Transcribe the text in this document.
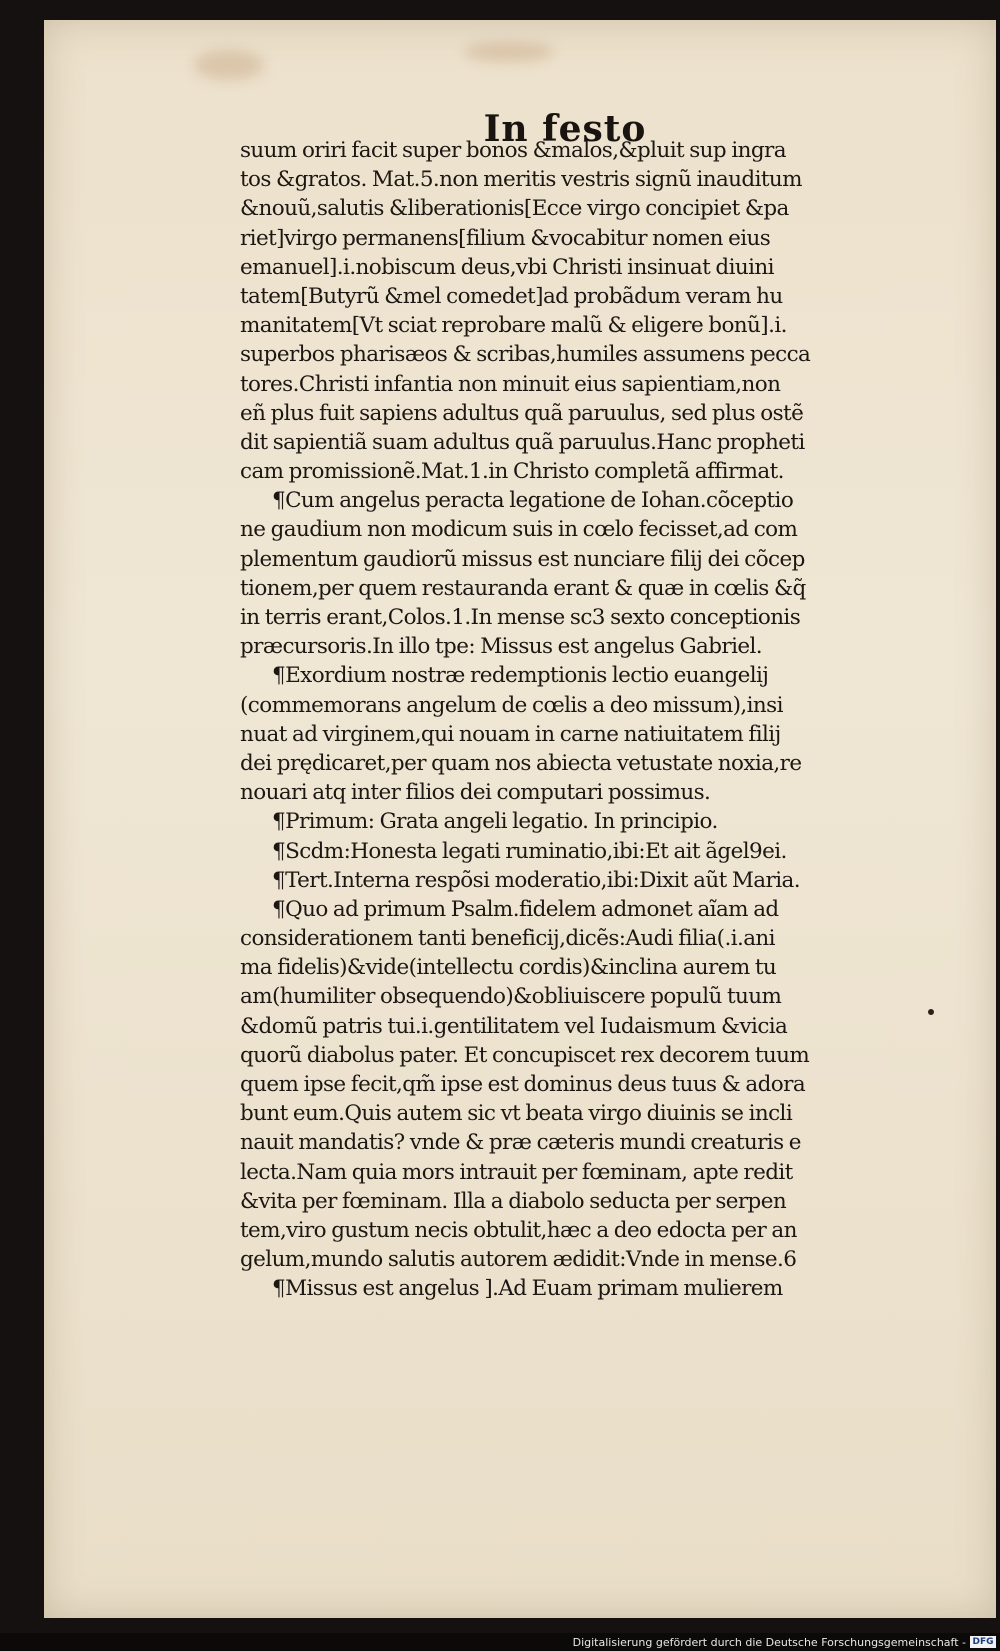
In festo
suum oriri facit super bonos &malos,&pluit sup ingra
tos &gratos. Mat.5.non meritis vestris signũ inauditum
&nouũ,salutis &liberationis[Ecce virgo concipiet &pa
riet]virgo permanens[filium &vocabitur nomen eius
emanuel].i.nobiscum deus,vbi Christi insinuat diuini
tatem[Butyrũ &mel comedet]ad probãdum veram hu
manitatem[Vt sciat reprobare malũ & eligere bonũ].i.
superbos pharisæos & scribas,humiles assumens pecca
tores.Christi infantia non minuit eius sapientiam,non
eñ plus fuit sapiens adultus quã paruulus, sed plus ostẽ
dit sapientiã suam adultus quã paruulus.Hanc propheti
cam promissionẽ.Mat.1.in Christo completã affirmat.
¶Cum angelus peracta legatione de Iohan.cõceptio
ne gaudium non modicum suis in cœlo fecisset,ad com
plementum gaudiorũ missus est nunciare filij dei cõcep
tionem,per quem restauranda erant & quæ in cœlis &q̃
in terris erant,Colos.1.In mense sc3 sexto conceptionis
præcursoris.In illo tpe: Missus est angelus Gabriel.
¶Exordium nostræ redemptionis lectio euangelij
(commemorans angelum de cœlis a deo missum),insi
nuat ad virginem,qui nouam in carne natiuitatem filij
dei prędicaret,per quam nos abiecta vetustate noxia,re
nouari atq inter filios dei computari possimus.
¶Primum: Grata angeli legatio. In principio.
¶Scdm:Honesta legati ruminatio,ibi:Et ait ãgel9ei.
¶Tert.Interna respõsi moderatio,ibi:Dixit aũt Maria.
¶Quo ad primum Psalm.fidelem admonet aĩam ad
considerationem tanti beneficij,dicẽs:Audi filia(.i.ani
ma fidelis)&vide(intellectu cordis)&inclina aurem tu
am(humiliter obsequendo)&obliuiscere populũ tuum
&domũ patris tui.i.gentilitatem vel Iudaismum &vicia
quorũ diabolus pater. Et concupiscet rex decorem tuum
quem ipse fecit,qm̃ ipse est dominus deus tuus & adora
bunt eum.Quis autem sic vt beata virgo diuinis se incli
nauit mandatis? vnde & præ cæteris mundi creaturis e
lecta.Nam quia mors intrauit per fœminam, apte redit
&vita per fœminam. Illa a diabolo seducta per serpen
tem,viro gustum necis obtulit,hæc a deo edocta per an
gelum,mundo salutis autorem ædidit:Vnde in mense.6
¶Missus est angelus ].Ad Euam primam mulierem
Digitalisierung gefördert durch die Deutsche Forschungsgemeinschaft - DFG
